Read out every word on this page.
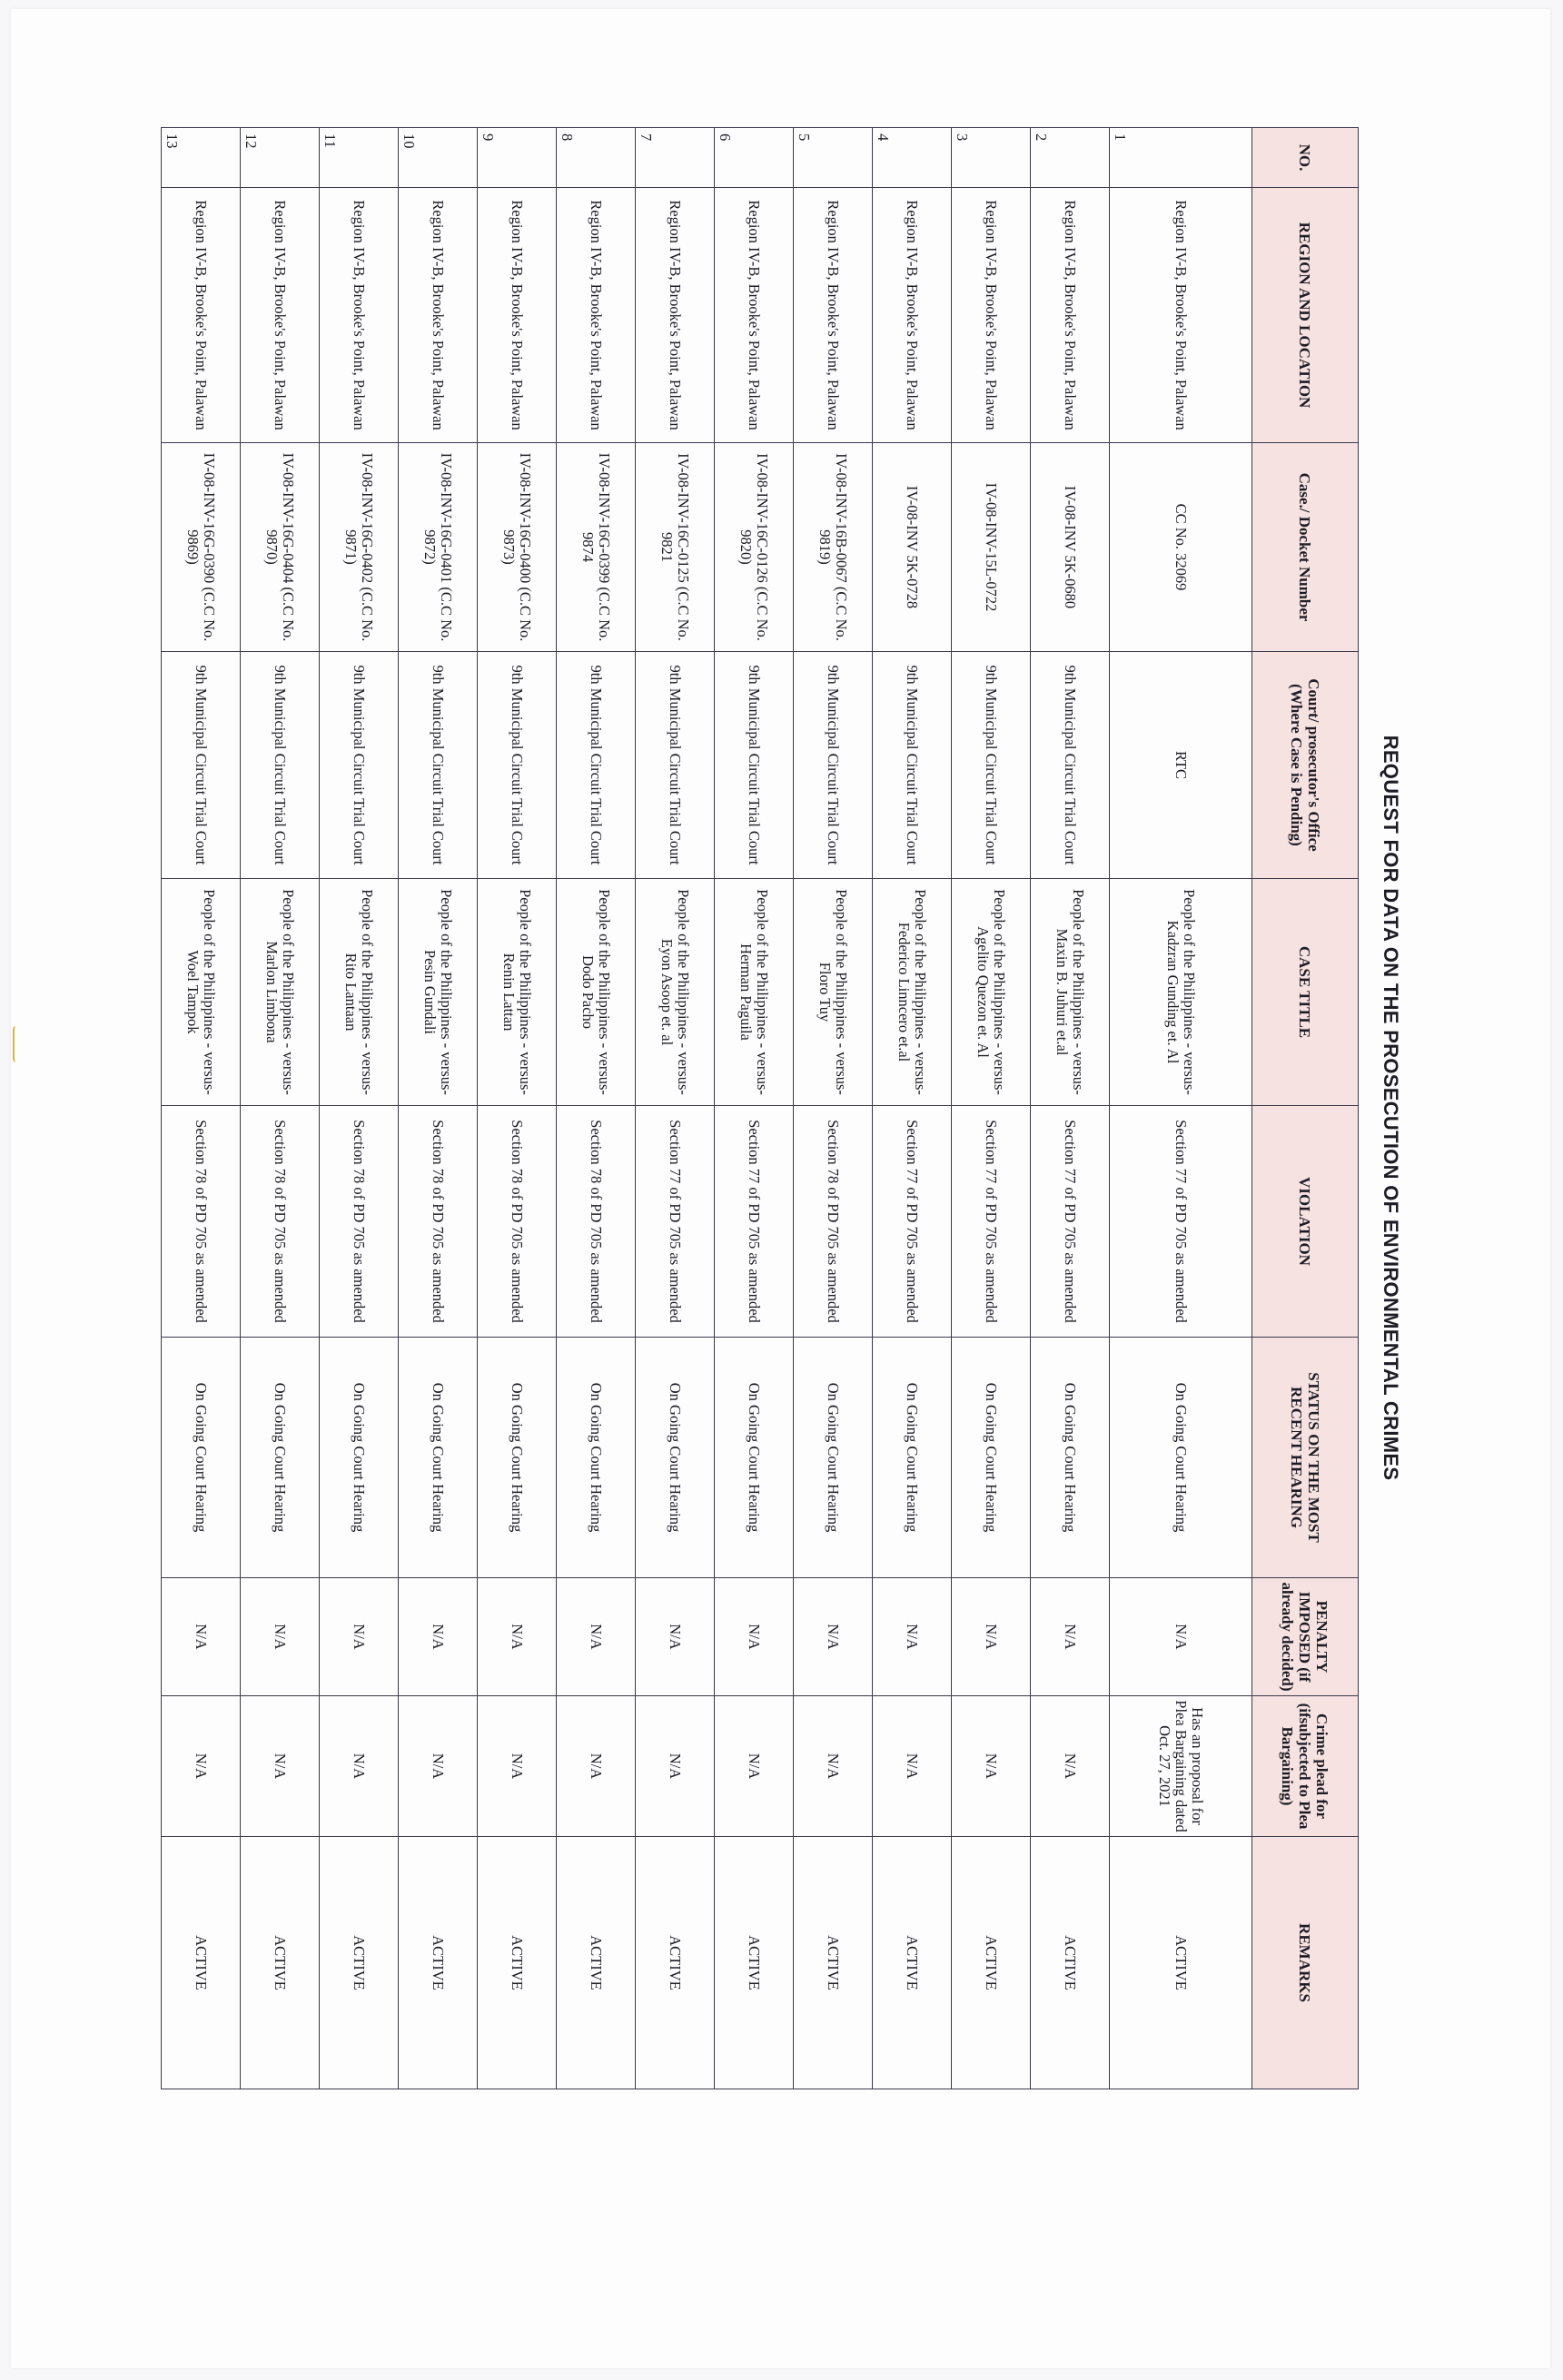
REQUEST FOR DATA ON THE PROSECUTION OF ENVIRONMENTAL CRIMES
NO.	REGION AND LOCATION	Case./ Docket Number	Court/ prosecutor's Office (Where Case is Pending)	CASE TITLE	VIOLATION	STATUS ON THE MOST RECENT HEARING	PENALTY IMPOSED (if already decided)	Crime plead for (ifsubjected to Plea Bargaining)	REMARKS
1	Region IV-B, Brooke's Point, Palawan	CC No. 32069	RTC	People of the Philippines - versus-Kadzran Gunding et. Al	Section 77 of PD 705 as amended	On Going Court Hearing	N/A	Has an proposal for Plea Bargaining dated Oct. 27, 2021	ACTIVE
2	Region IV-B, Brooke's Point, Palawan	IV-08-INV 5K-0680	9th Municipal Circuit Trial Court	People of the Philippines - versus- Maxin B. Juhuri et.al	Section 77 of PD 705 as amended	On Going Court Hearing	N/A	N/A	ACTIVE
3	Region IV-B, Brooke's Point, Palawan	IV-08-INV-15L-0722	9th Municipal Circuit Trial Court	People of the Philippines - versus- Agelito Quezon et. Al	Section 77 of PD 705 as amended	On Going Court Hearing	N/A	N/A	ACTIVE
4	Region IV-B, Brooke's Point, Palawan	IV-08-INV 5K-0728	9th Municipal Circuit Trial Court	People of the Philippines - versus- Federico Linncero et.al	Section 77 of PD 705 as amended	On Going Court Hearing	N/A	N/A	ACTIVE
5	Region IV-B, Brooke's Point, Palawan	IV-08-INV-16B-0067 (C.C No. 9819)	9th Municipal Circuit Trial Court	People of the Philippines - versus- Floro Tuy	Section 78 of PD 705 as amended	On Going Court Hearing	N/A	N/A	ACTIVE
6	Region IV-B, Brooke's Point, Palawan	IV-08-INV-16C-0126 (C.C No. 9820)	9th Municipal Circuit Trial Court	People of the Philippines - versus- Herman Paguila	Section 77 of PD 705 as amended	On Going Court Hearing	N/A	N/A	ACTIVE
7	Region IV-B, Brooke's Point, Palawan	IV-08-INV-16C-0125 (C.C No. 9821	9th Municipal Circuit Trial Court	People of the Philippines - versus- Eyon Asoop et. al	Section 77 of PD 705 as amended	On Going Court Hearing	N/A	N/A	ACTIVE
8	Region IV-B, Brooke's Point, Palawan	IV-08-INV-16G-0399 (C.C No. 9874	9th Municipal Circuit Trial Court	People of the Philippines - versus- Dodo Pacho	Section 78 of PD 705 as amended	On Going Court Hearing	N/A	N/A	ACTIVE
9	Region IV-B, Brooke's Point, Palawan	IV-08-INV-16G-0400 (C.C No. 9873)	9th Municipal Circuit Trial Court	People of the Philippines - versus- Renin Lattan	Section 78 of PD 705 as amended	On Going Court Hearing	N/A	N/A	ACTIVE
10	Region IV-B, Brooke's Point, Palawan	IV-08-INV-16G-0401 (C.C No. 9872)	9th Municipal Circuit Trial Court	People of the Philippines - versus- Pesin Gundali	Section 78 of PD 705 as amended	On Going Court Hearing	N/A	N/A	ACTIVE
11	Region IV-B, Brooke's Point, Palawan	IV-08-INV-16G-0402 (C.C No. 9871)	9th Municipal Circuit Trial Court	People of the Philippines - versus- Rito Lantaan	Section 78 of PD 705 as amended	On Going Court Hearing	N/A	N/A	ACTIVE
12	Region IV-B, Brooke's Point, Palawan	IV-08-INV-16G-0404 (C.C No. 9870)	9th Municipal Circuit Trial Court	People of the Philippines - versus- Marlon Limbona	Section 78 of PD 705 as amended	On Going Court Hearing	N/A	N/A	ACTIVE
13	Region IV-B, Brooke's Point, Palawan	IV-08-INV-16G-0390 (C.C No. 9869)	9th Municipal Circuit Trial Court	People of the Philippines - versus- Woel Tampok	Section 78 of PD 705 as amended	On Going Court Hearing	N/A	N/A	ACTIVE
